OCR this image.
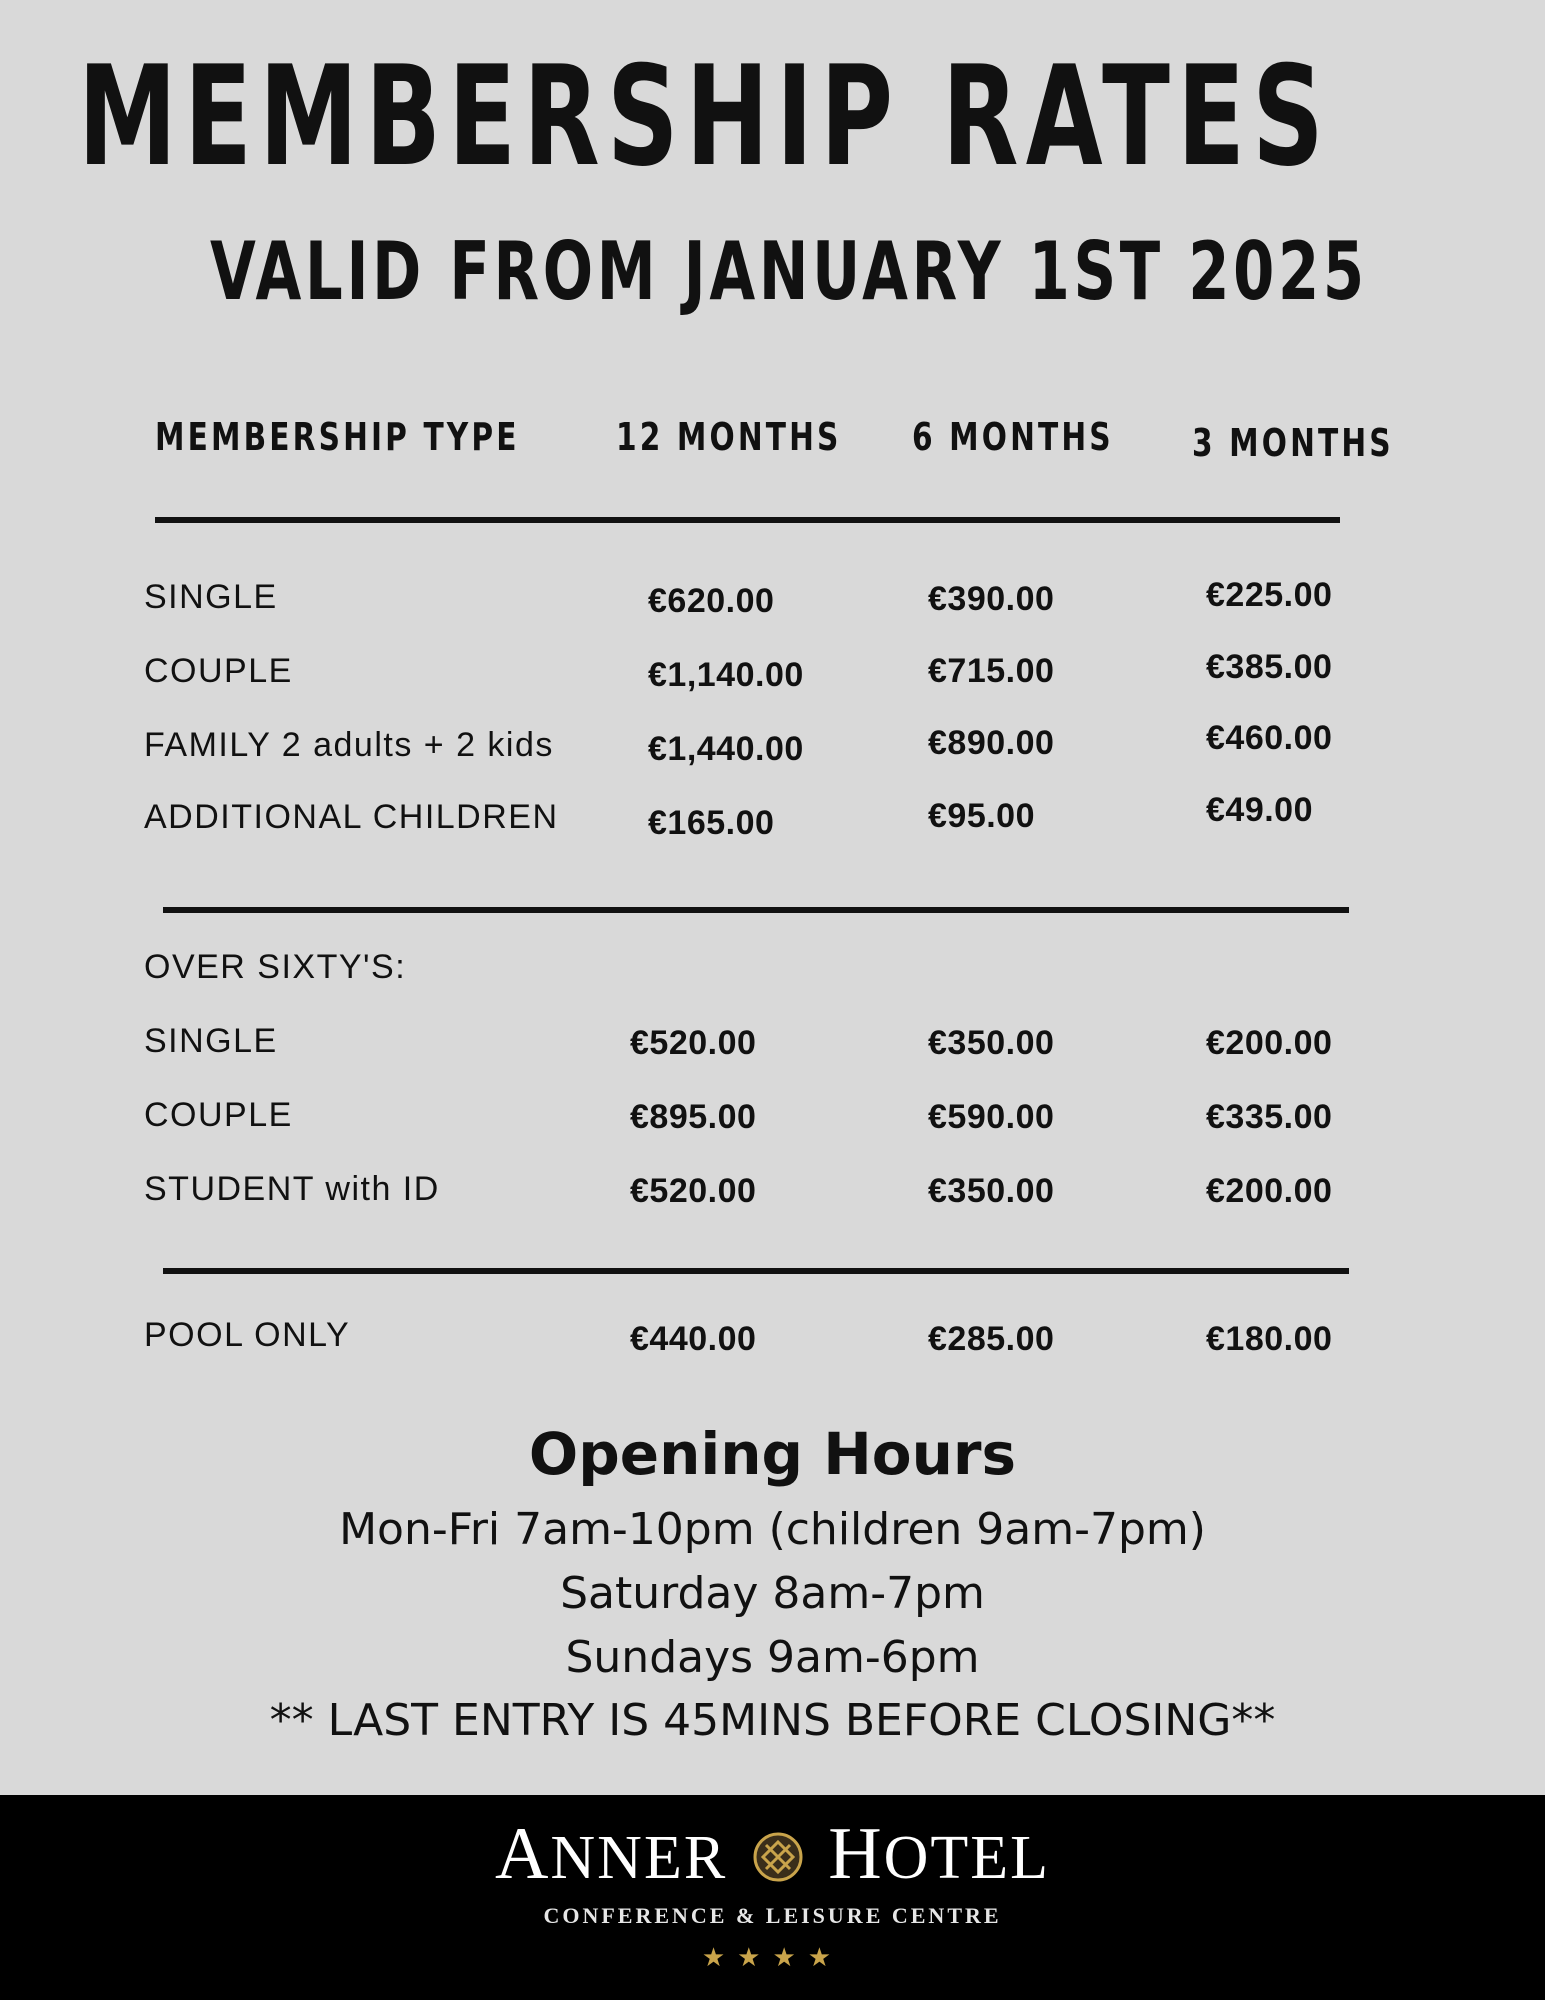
MEMBERSHIP RATES
VALID FROM JANUARY 1ST 2025
MEMBERSHIP TYPE	12 MONTHS 6 MONTHS 3 MONTHS
SINGLE	€620.00	€390.00	€225.00
COUPLE	€1,140.00	€715.00	€385.00
FAMILY 2 adults + 2 kids	€1,440.00	€890.00	€460.00
ADDITIONAL CHILDREN	€165.00	€95.00	€49.00
OVER SIXTY'S:
SINGLE	€520.00	€350.00	€200.00
COUPLE	€895.00	€590.00	€335.00
STUDENT with ID	€520.00	€350.00	€200.00
POOL ONLY	€440.00	€285.00	€180.00
Opening Hours
Mon-Fri 7am-10pm (children 9am-7pm)
Saturday 8am-7pm
Sundays 9am-6pm
** LAST ENTRY IS 45MINS BEFORE CLOSING**
ANNER HOTEL
CONFERENCE & LEISURE CENTRE
★★★★
